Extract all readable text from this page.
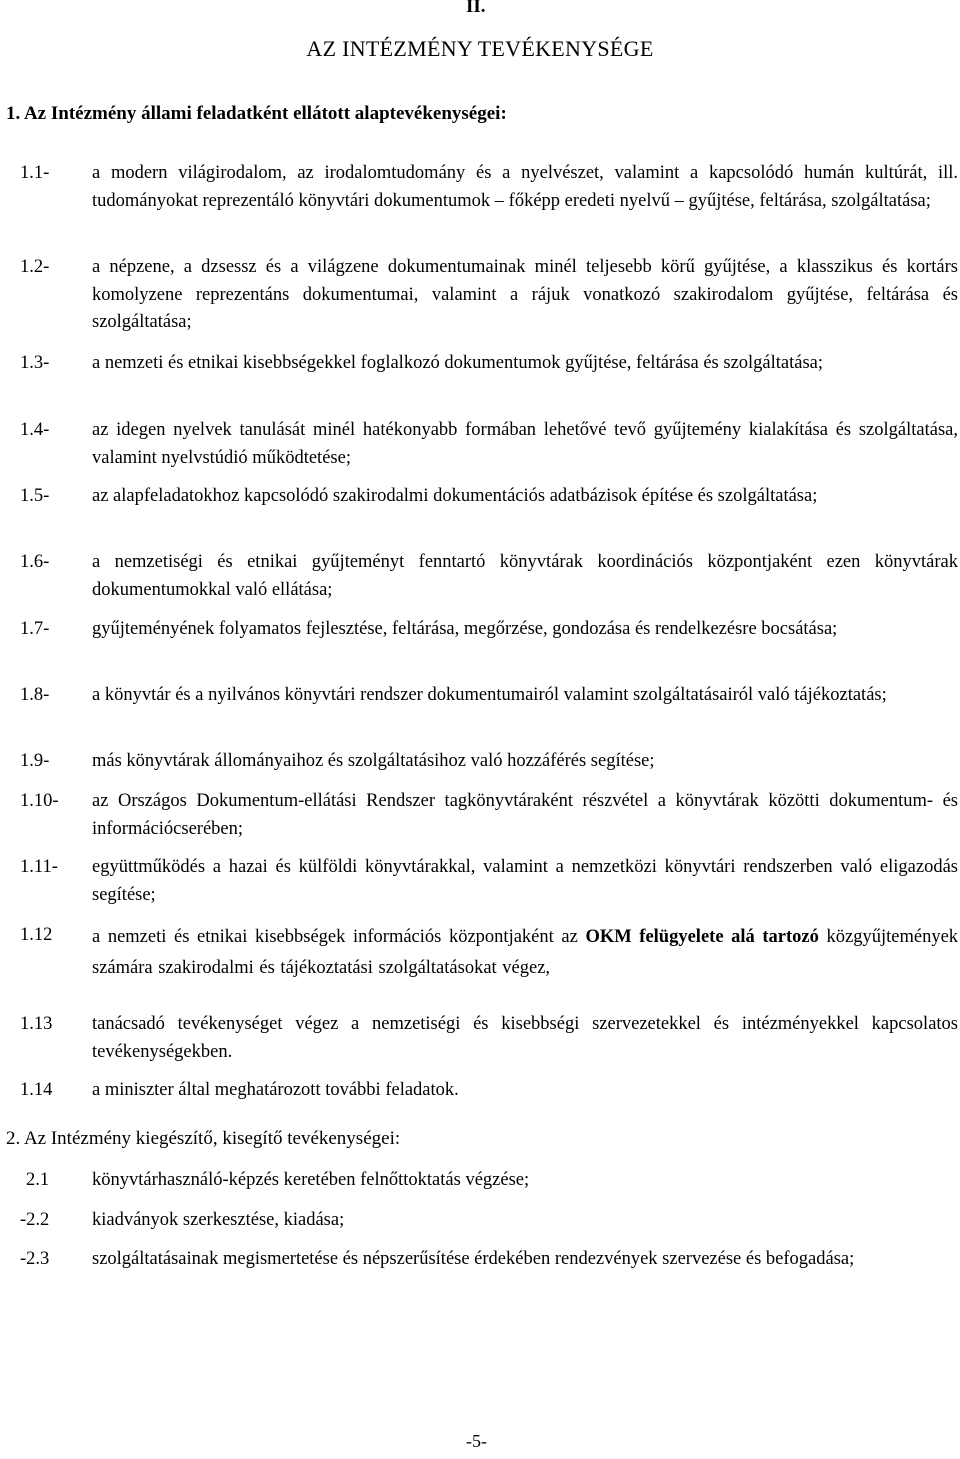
II.
AZ INTÉZMÉNY TEVÉKENYSÉGE
1. Az Intézmény állami feladatként ellátott alaptevékenységei:
1.1- a modern világirodalom, az irodalomtudomány és a nyelvészet, valamint a kapcsolódó humán kultúrát, ill. tudományokat reprezentáló könyvtári dokumentumok – főképp eredeti nyelvű – gyűjtése, feltárása, szolgáltatása;
1.2- a népzene, a dzsessz és a világzene dokumentumainak minél teljesebb körű gyűjtése, a klasszikus és kortárs komolyzene reprezentáns dokumentumai, valamint a rájuk vonatkozó szakirodalom gyűjtése, feltárása és szolgáltatása;
1.3- a nemzeti és etnikai kisebbségekkel foglalkozó dokumentumok gyűjtése, feltárása és szolgáltatása;
1.4- az idegen nyelvek tanulását minél hatékonyabb formában lehetővé tevő gyűjtemény kialakítása és szolgáltatása, valamint nyelvstúdió működtetése;
1.5- az alapfeladatokhoz kapcsolódó szakirodalmi dokumentációs adatbázisok építése és szolgáltatása;
1.6- a nemzetiségi és etnikai gyűjteményt fenntartó könyvtárak koordinációs központjaként ezen könyvtárak dokumentumokkal való ellátása;
1.7- gyűjteményének folyamatos fejlesztése, feltárása, megőrzése, gondozása és rendelkezésre bocsátása;
1.8- a könyvtár és a nyilvános könyvtári rendszer dokumentumairól valamint szolgáltatásairól való tájékoztatás;
1.9- más könyvtárak állományaihoz és szolgáltatásihoz való hozzáférés segítése;
1.10- az Országos Dokumentum-ellátási Rendszer tagkönyvtáraként részvétel a könyvtárak közötti dokumentum- és információcserében;
1.11- együttműködés a hazai és külföldi könyvtárakkal, valamint a nemzetközi könyvtári rendszerben való eligazodás segítése;
1.12 a nemzeti és etnikai kisebbségek információs központjaként az OKM felügyelete alá tartozó közgyűjtemények számára szakirodalmi és tájékoztatási szolgáltatásokat végez,
1.13 tanácsadó tevékenységet végez a nemzetiségi és kisebbségi szervezetekkel és intézményekkel kapcsolatos tevékenységekben.
1.14 a miniszter által meghatározott további feladatok.
2. Az Intézmény kiegészítő, kisegítő tevékenységei:
2.1 könyvtárhasználó-képzés keretében felnőttoktatás végzése;
-2.2 kiadványok szerkesztése, kiadása;
-2.3 szolgáltatásainak megismertetése és népszerűsítése érdekében rendezvények szervezése és befogadása;
-5-
